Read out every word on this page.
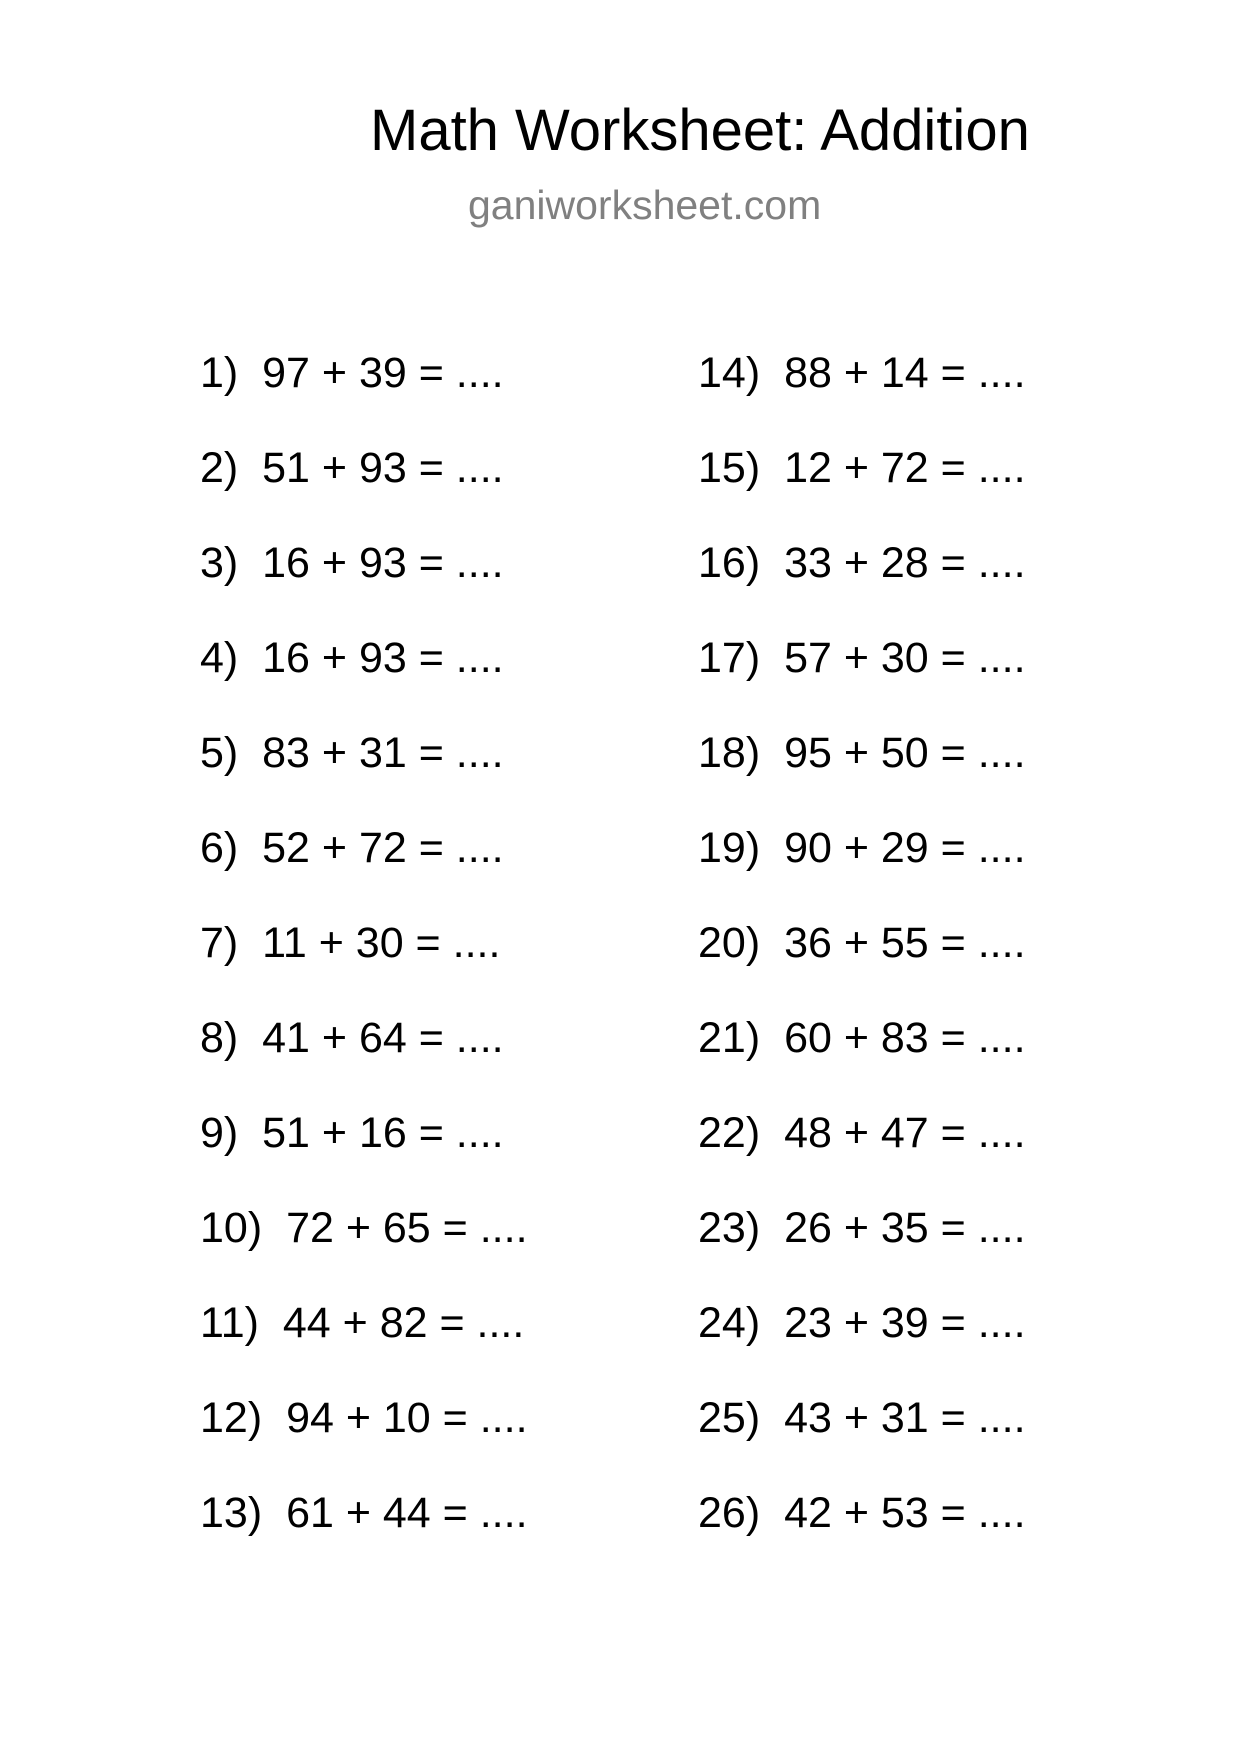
Math Worksheet: Addition
ganiworksheet.com
1) 97 + 39 = ....
2) 51 + 93 = ....
3) 16 + 93 = ....
4) 16 + 93 = ....
5) 83 + 31 = ....
6) 52 + 72 = ....
7) 11 + 30 = ....
8) 41 + 64 = ....
9) 51 + 16 = ....
10) 72 + 65 = ....
11) 44 + 82 = ....
12) 94 + 10 = ....
13) 61 + 44 = ....
14) 88 + 14 = ....
15) 12 + 72 = ....
16) 33 + 28 = ....
17) 57 + 30 = ....
18) 95 + 50 = ....
19) 90 + 29 = ....
20) 36 + 55 = ....
21) 60 + 83 = ....
22) 48 + 47 = ....
23) 26 + 35 = ....
24) 23 + 39 = ....
25) 43 + 31 = ....
26) 42 + 53 = ....
